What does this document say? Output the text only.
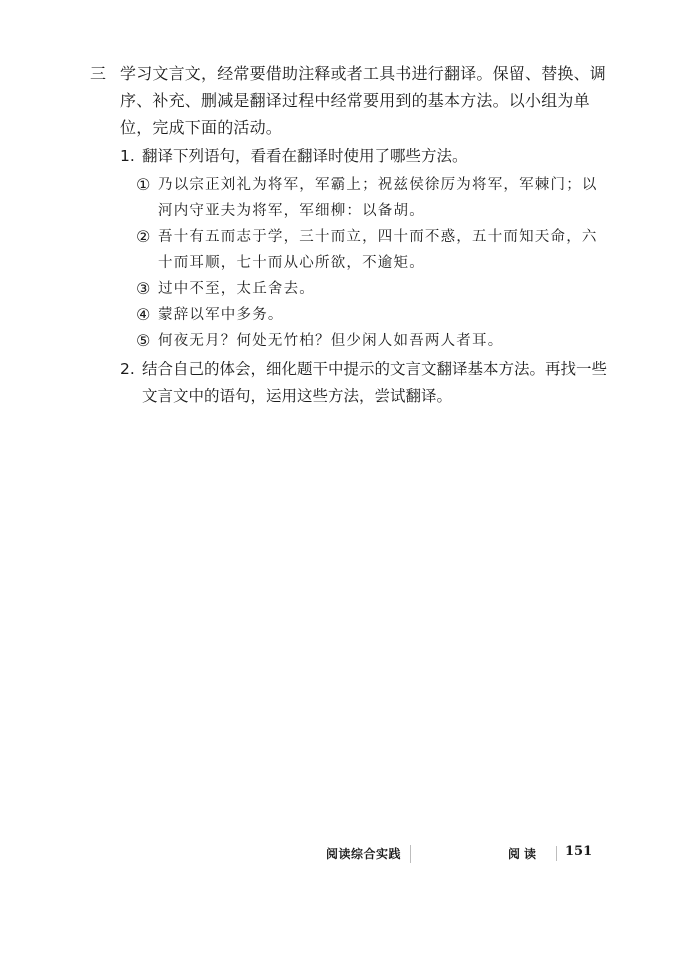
三 学习文言文，经常要借助注释或者工具书进行翻译。保留、替换、调序、补充、删减是翻译过程中经常要用到的基本方法。以小组为单位，完成下面的活动。
1. 翻译下列语句，看看在翻译时使用了哪些方法。
① 乃以宗正刘礼为将军，军霸上；祝兹侯徐厉为将军，军棘门；以河内守亚夫为将军，军细柳：以备胡。
② 吾十有五而志于学，三十而立，四十而不惑，五十而知天命，六十而耳顺，七十而从心所欲，不逾矩。
③ 过中不至，太丘舍去。
④ 蒙辞以军中多务。
⑤ 何夜无月？何处无竹柏？但少闲人如吾两人者耳。
2. 结合自己的体会，细化题干中提示的文言文翻译基本方法。再找一些文言文中的语句，运用这些方法，尝试翻译。
阅读综合实践	阅读 151
